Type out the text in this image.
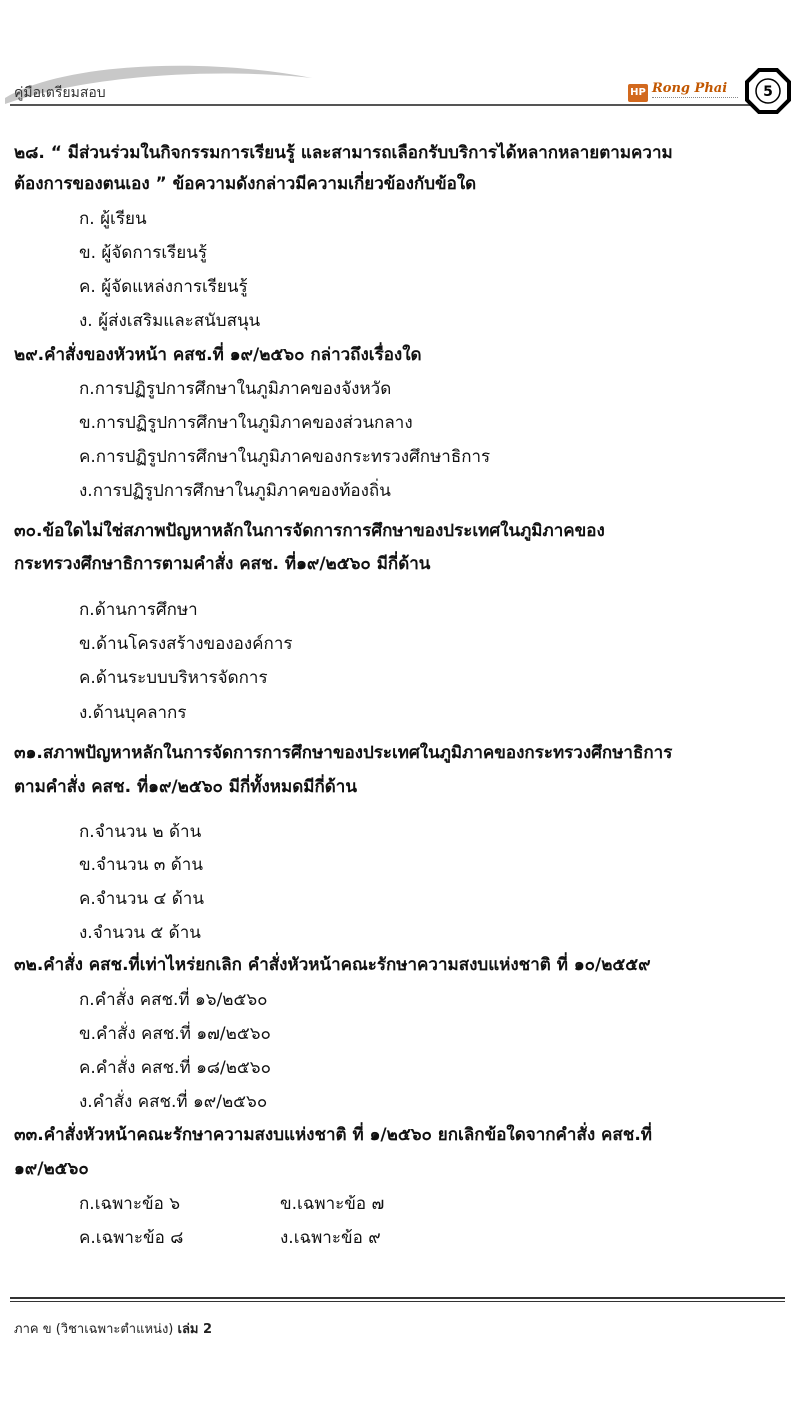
คู่มือเตรียมสอบ	HP Rong Phai	5
๒๘. “ มีส่วนร่วมในกิจกรรมการเรียนรู้ และสามารถเลือกรับบริการได้หลากหลายตามความ
ต้องการของตนเอง ” ข้อความดังกล่าวมีความเกี่ยวข้องกับข้อใด
ก. ผู้เรียน
ข. ผู้จัดการเรียนรู้
ค. ผู้จัดแหล่งการเรียนรู้
ง. ผู้ส่งเสริมและสนับสนุน
๒๙.คำสั่งของหัวหน้า คสช.ที่ ๑๙/๒๕๖๐ กล่าวถึงเรื่องใด
ก.การปฏิรูปการศึกษาในภูมิภาคของจังหวัด
ข.การปฏิรูปการศึกษาในภูมิภาคของส่วนกลาง
ค.การปฏิรูปการศึกษาในภูมิภาคของกระทรวงศึกษาธิการ
ง.การปฏิรูปการศึกษาในภูมิภาคของท้องถิ่น
๓๐.ข้อใดไม่ใช่สภาพปัญหาหลักในการจัดการการศึกษาของประเทศในภูมิภาคของ
กระทรวงศึกษาธิการตามคำสั่ง คสช. ที่๑๙/๒๕๖๐ มีกี่ด้าน
ก.ด้านการศึกษา
ข.ด้านโครงสร้างขององค์การ
ค.ด้านระบบบริหารจัดการ
ง.ด้านบุคลากร
๓๑.สภาพปัญหาหลักในการจัดการการศึกษาของประเทศในภูมิภาคของกระทรวงศึกษาธิการ
ตามคำสั่ง คสช. ที่๑๙/๒๕๖๐ มีกี่ทั้งหมดมีกี่ด้าน
ก.จำนวน ๒ ด้าน
ข.จำนวน ๓ ด้าน
ค.จำนวน ๔ ด้าน
ง.จำนวน ๕ ด้าน
๓๒.คำสั่ง คสช.ที่เท่าไหร่ยกเลิก คำสั่งหัวหน้าคณะรักษาความสงบแห่งชาติ ที่ ๑๐/๒๕๕๙
ก.คำสั่ง คสช.ที่ ๑๖/๒๕๖๐
ข.คำสั่ง คสช.ที่ ๑๗/๒๕๖๐
ค.คำสั่ง คสช.ที่ ๑๘/๒๕๖๐
ง.คำสั่ง คสช.ที่ ๑๙/๒๕๖๐
๓๓.คำสั่งหัวหน้าคณะรักษาความสงบแห่งชาติ ที่ ๑/๒๕๖๐ ยกเลิกข้อใดจากคำสั่ง คสช.ที่
๑๙/๒๕๖๐
ก.เฉพาะข้อ ๖	ข.เฉพาะข้อ ๗
ค.เฉพาะข้อ ๘	ง.เฉพาะข้อ ๙
ภาค ข (วิชาเฉพาะตำแหน่ง) เล่ม 2
